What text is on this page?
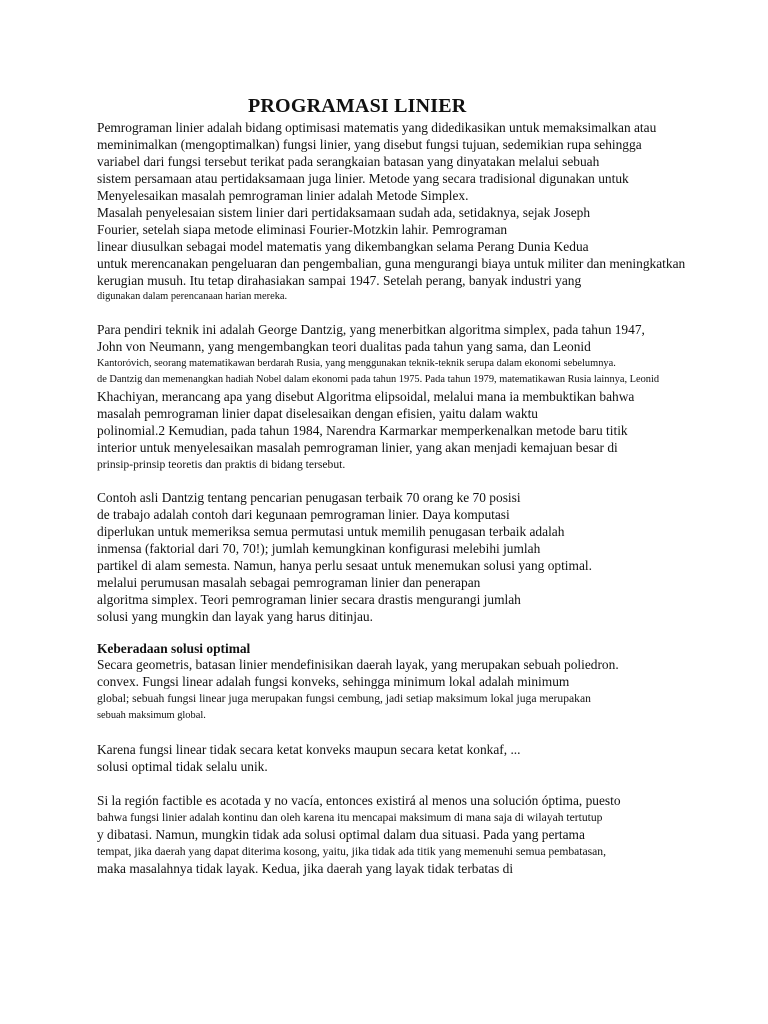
PROGRAMASI LINIER
Pemrograman linier adalah bidang optimisasi matematis yang didedikasikan untuk memaksimalkan atau
meminimalkan (mengoptimalkan) fungsi linier, yang disebut fungsi tujuan, sedemikian rupa sehingga
variabel dari fungsi tersebut terikat pada serangkaian batasan yang dinyatakan melalui sebuah
sistem persamaan atau pertidaksamaan juga linier. Metode yang secara tradisional digunakan untuk
Menyelesaikan masalah pemrograman linier adalah Metode Simplex.
Masalah penyelesaian sistem linier dari pertidaksamaan sudah ada, setidaknya, sejak Joseph
Fourier, setelah siapa metode eliminasi Fourier-Motzkin lahir. Pemrograman
linear diusulkan sebagai model matematis yang dikembangkan selama Perang Dunia Kedua
untuk merencanakan pengeluaran dan pengembalian, guna mengurangi biaya untuk militer dan meningkatkan
kerugian musuh. Itu tetap dirahasiakan sampai 1947. Setelah perang, banyak industri yang
digunakan dalam perencanaan harian mereka.
Para pendiri teknik ini adalah George Dantzig, yang menerbitkan algoritma simplex, pada tahun 1947,
John von Neumann, yang mengembangkan teori dualitas pada tahun yang sama, dan Leonid
Kantoróvich, seorang matematikawan berdarah Rusia, yang menggunakan teknik-teknik serupa dalam ekonomi sebelumnya.
de Dantzig dan memenangkan hadiah Nobel dalam ekonomi pada tahun 1975. Pada tahun 1979, matematikawan Rusia lainnya, Leonid
Khachiyan, merancang apa yang disebut Algoritma elipsoidal, melalui mana ia membuktikan bahwa
masalah pemrograman linier dapat diselesaikan dengan efisien, yaitu dalam waktu
polinomial.2 Kemudian, pada tahun 1984, Narendra Karmarkar memperkenalkan metode baru titik
interior untuk menyelesaikan masalah pemrograman linier, yang akan menjadi kemajuan besar di
prinsip-prinsip teoretis dan praktis di bidang tersebut.
Contoh asli Dantzig tentang pencarian penugasan terbaik 70 orang ke 70 posisi
de trabajo adalah contoh dari kegunaan pemrograman linier. Daya komputasi
diperlukan untuk memeriksa semua permutasi untuk memilih penugasan terbaik adalah
inmensa (faktorial dari 70, 70!); jumlah kemungkinan konfigurasi melebihi jumlah
partikel di alam semesta. Namun, hanya perlu sesaat untuk menemukan solusi yang optimal.
melalui perumusan masalah sebagai pemrograman linier dan penerapan
algoritma simplex. Teori pemrograman linier secara drastis mengurangi jumlah
solusi yang mungkin dan layak yang harus ditinjau.
Keberadaan solusi optimal
Secara geometris, batasan linier mendefinisikan daerah layak, yang merupakan sebuah poliedron.
convex. Fungsi linear adalah fungsi konveks, sehingga minimum lokal adalah minimum
global; sebuah fungsi linear juga merupakan fungsi cembung, jadi setiap maksimum lokal juga merupakan
sebuah maksimum global.
Karena fungsi linear tidak secara ketat konveks maupun secara ketat konkaf, ...
solusi optimal tidak selalu unik.
Si la región factible es acotada y no vacía, entonces existirá al menos una solución óptima, puesto
bahwa fungsi linier adalah kontinu dan oleh karena itu mencapai maksimum di mana saja di wilayah tertutup
y dibatasi. Namun, mungkin tidak ada solusi optimal dalam dua situasi. Pada yang pertama
tempat, jika daerah yang dapat diterima kosong, yaitu, jika tidak ada titik yang memenuhi semua pembatasan,
maka masalahnya tidak layak. Kedua, jika daerah yang layak tidak terbatas di
